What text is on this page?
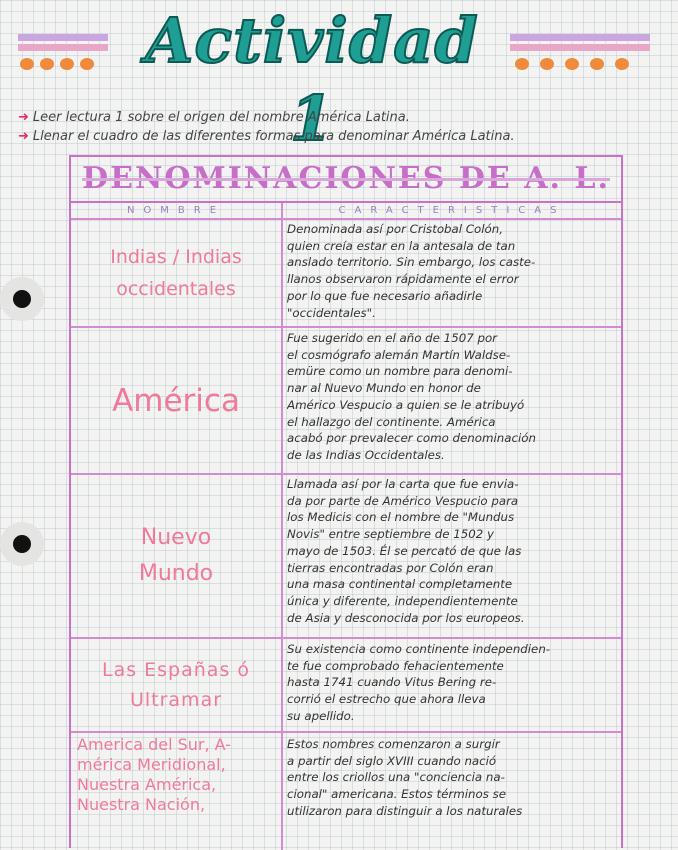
Actividad 1
➜ Leer lectura 1 sobre el origen del nombre América Latina.
➜ Llenar el cuadro de las diferentes formas para denominar América Latina.
DENOMINACIONES DE A. L.
NOMBRE	CARACTERISTICAS
Indias / Indias
occidentales
Denominada así por Cristobal Colón,
quien creía estar en la antesala de tan
anslado territorio. Sin embargo, los caste-
llanos observaron rápidamente el error
por lo que fue necesario añadirle
"occidentales".
América
Fue sugerido en el año de 1507 por
el cosmógrafo alemán Martín Waldse-
emüre como un nombre para denomi-
nar al Nuevo Mundo en honor de
Américo Vespucio a quien se le atribuyó
el hallazgo del continente. América
acabó por prevalecer como denominación
de las Indias Occidentales.
Nuevo
Mundo
Llamada así por la carta que fue envia-
da por parte de Américo Vespucio para
los Medicis con el nombre de "Mundus
Novis" entre septiembre de 1502 y
mayo de 1503. Él se percató de que las
tierras encontradas por Colón eran
una masa continental completamente
única y diferente, independientemente
de Asia y desconocida por los europeos.
Las Españas ó
Ultramar
Su existencia como continente independien-
te fue comprobado fehacientemente
hasta 1741 cuando Vitus Bering re-
corrió el estrecho que ahora lleva
su apellido.
America del Sur, A-
mérica Meridional,
Nuestra América,
Nuestra Nación,
Estos nombres comenzaron a surgir
a partir del siglo XVIII cuando nació
entre los criollos una "conciencia na-
cional" americana. Estos términos se
utilizaron para distinguir a los naturales
